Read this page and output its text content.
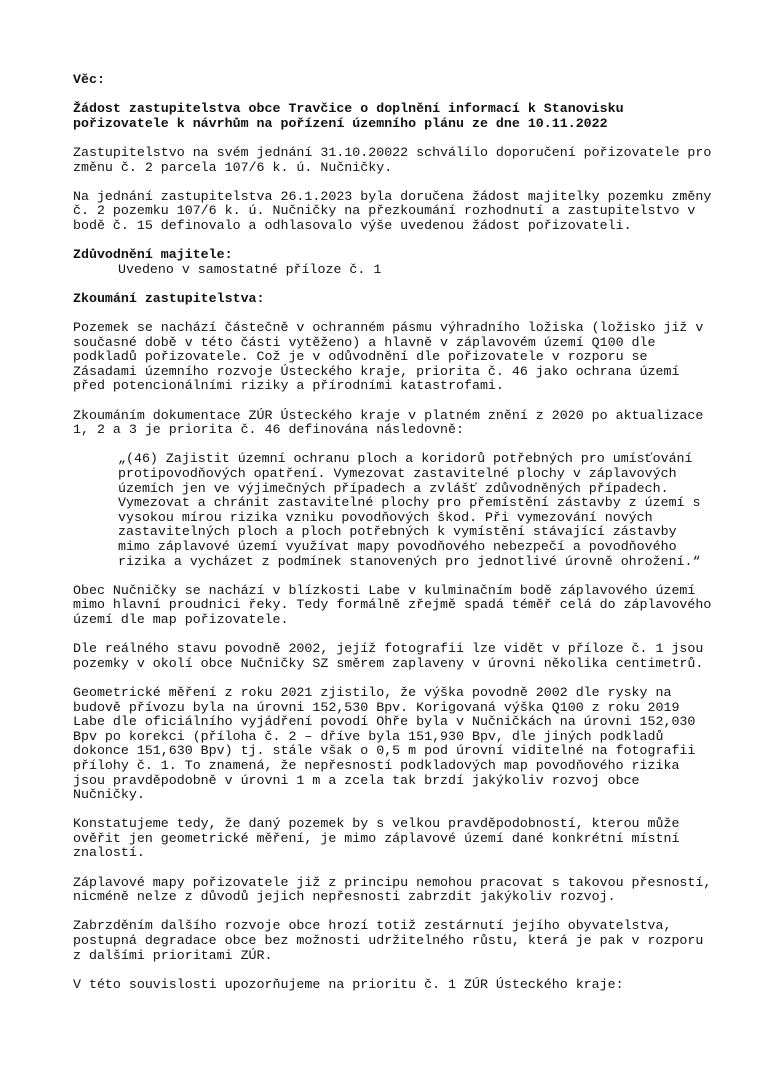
Věc:
Žádost zastupitelstva obce Travčice o doplnění informací k Stanovisku
pořizovatele k návrhům na pořízení územního plánu ze dne 10.11.2022
Zastupitelstvo na svém jednání 31.10.20022 schválilo doporučení pořizovatele pro
změnu č. 2 parcela 107/6 k. ú. Nučničky.
Na jednání zastupitelstva 26.1.2023 byla doručena žádost majitelky pozemku změny
č. 2 pozemku 107/6 k. ú. Nučničky na přezkoumání rozhodnutí a zastupitelstvo v
bodě č. 15 definovalo a odhlasovalo výše uvedenou žádost pořizovateli.
Zdůvodnění majitele:
Uvedeno v samostatné příloze č. 1
Zkoumání zastupitelstva:
Pozemek se nachází částečně v ochranném pásmu výhradního ložiska (ložisko již v
současné době v této části vytěženo) a hlavně v záplavovém území Q100 dle
podkladů pořizovatele. Což je v odůvodnění dle pořizovatele v rozporu se
Zásadami územního rozvoje Ústeckého kraje, priorita č. 46 jako ochrana území
před potencionálními riziky a přírodními katastrofami.
Zkoumáním dokumentace ZÚR Ústeckého kraje v platném znění z 2020 po aktualizace
1, 2 a 3 je priorita č. 46 definována následovně:
„(46) Zajistit územní ochranu ploch a koridorů potřebných pro umísťování
protipovodňových opatření. Vymezovat zastavitelné plochy v záplavových
územích jen ve výjimečných případech a zvlášť zdůvodněných případech.
Vymezovat a chránit zastavitelné plochy pro přemístění zástavby z území s
vysokou mírou rizika vzniku povodňových škod. Při vymezování nových
zastavitelných ploch a ploch potřebných k vymístění stávající zástavby
mimo záplavové území využívat mapy povodňového nebezpečí a povodňového
rizika a vycházet z podmínek stanovených pro jednotlivé úrovně ohrožení.“
Obec Nučničky se nachází v blízkosti Labe v kulminačním bodě záplavového území
mimo hlavní proudnici řeky. Tedy formálně zřejmě spadá téměř celá do záplavového
území dle map pořizovatele.
Dle reálného stavu povodně 2002, jejíž fotografii lze vidět v příloze č. 1 jsou
pozemky v okolí obce Nučničky SZ směrem zaplaveny v úrovni několika centimetrů.
Geometrické měření z roku 2021 zjistilo, že výška povodně 2002 dle rysky na
budově přívozu byla na úrovni 152,530 Bpv. Korigovaná výška Q100 z roku 2019
Labe dle oficiálního vyjádření povodí Ohře byla v Nučničkách na úrovni 152,030
Bpv po korekci (příloha č. 2 – dříve byla 151,930 Bpv, dle jiných podkladů
dokonce 151,630 Bpv) tj. stále však o 0,5 m pod úrovní viditelné na fotografii
přílohy č. 1. To znamená, že nepřesností podkladových map povodňového rizika
jsou pravděpodobně v úrovni 1 m a zcela tak brzdí jakýkoliv rozvoj obce
Nučničky.
Konstatujeme tedy, že daný pozemek by s velkou pravděpodobností, kterou může
ověřit jen geometrické měření, je mimo záplavové území dané konkrétní místní
znalostí.
Záplavové mapy pořizovatele již z principu nemohou pracovat s takovou přesností,
nicméně nelze z důvodů jejich nepřesnosti zabrzdit jakýkoliv rozvoj.
Zabrzděním dalšího rozvoje obce hrozí totiž zestárnutí jejího obyvatelstva,
postupná degradace obce bez možnosti udržitelného růstu, která je pak v rozporu
z dalšími prioritami ZÚR.
V této souvislosti upozorňujeme na prioritu č. 1 ZÚR Ústeckého kraje:
